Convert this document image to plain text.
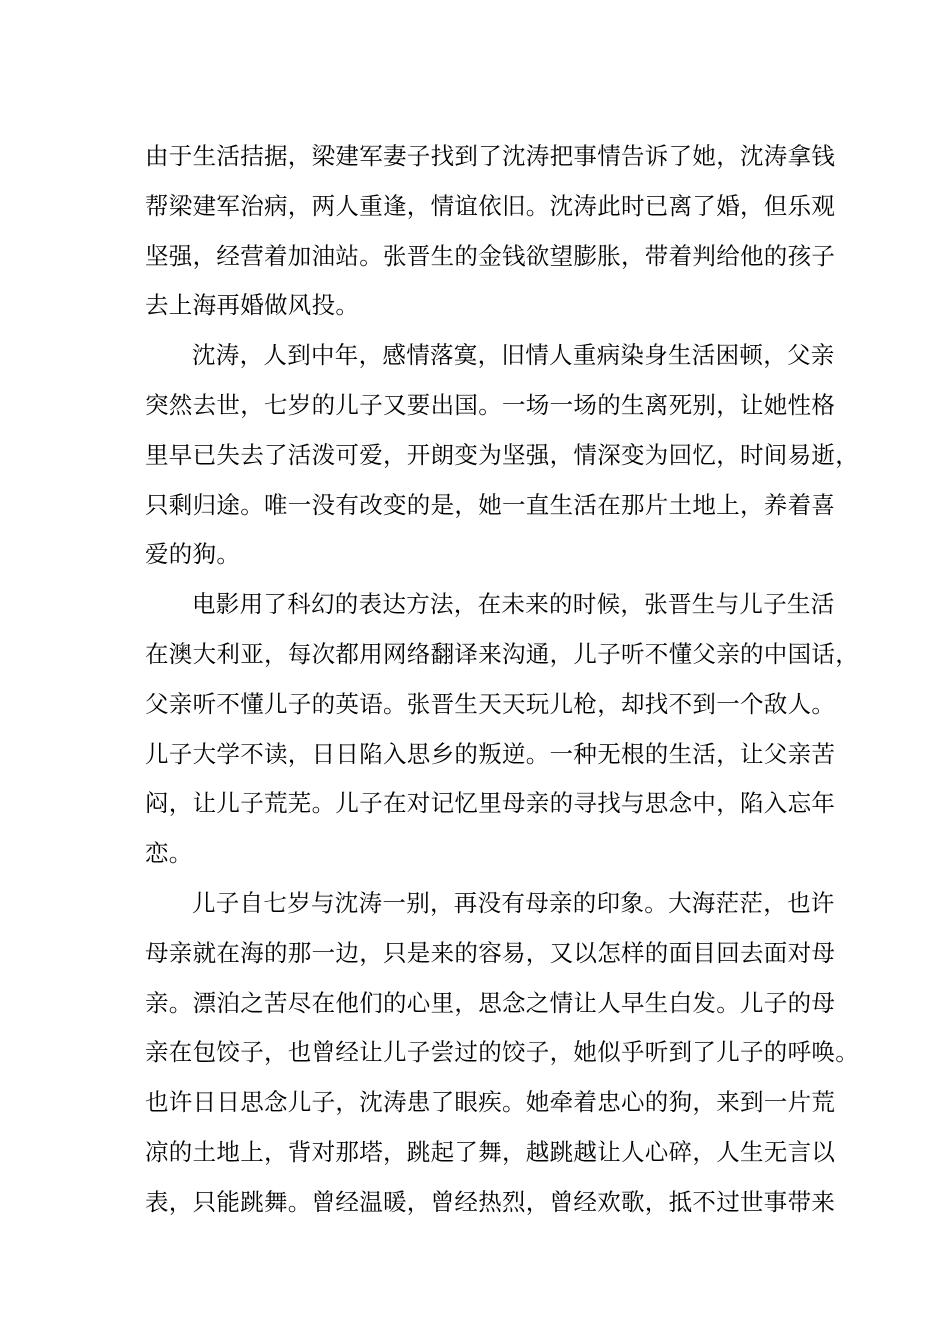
由于生活拮据，梁建军妻子找到了沈涛把事情告诉了她，沈涛拿钱
帮梁建军治病，两人重逢，情谊依旧。沈涛此时已离了婚，但乐观
坚强，经营着加油站。张晋生的金钱欲望膨胀，带着判给他的孩子
去上海再婚做风投。
沈涛，人到中年，感情落寞，旧情人重病染身生活困顿，父亲
突然去世，七岁的儿子又要出国。一场一场的生离死别，让她性格
里早已失去了活泼可爱，开朗变为坚强，情深变为回忆，时间易逝，
只剩归途。唯一没有改变的是，她一直生活在那片土地上，养着喜
爱的狗。
电影用了科幻的表达方法，在未来的时候，张晋生与儿子生活
在澳大利亚，每次都用网络翻译来沟通，儿子听不懂父亲的中国话，
父亲听不懂儿子的英语。张晋生天天玩儿枪，却找不到一个敌人。
儿子大学不读，日日陷入思乡的叛逆。一种无根的生活，让父亲苦
闷，让儿子荒芜。儿子在对记忆里母亲的寻找与思念中，陷入忘年
恋。
儿子自七岁与沈涛一别，再没有母亲的印象。大海茫茫，也许
母亲就在海的那一边，只是来的容易，又以怎样的面目回去面对母
亲。漂泊之苦尽在他们的心里，思念之情让人早生白发。儿子的母
亲在包饺子，也曾经让儿子尝过的饺子，她似乎听到了儿子的呼唤。
也许日日思念儿子，沈涛患了眼疾。她牵着忠心的狗，来到一片荒
凉的土地上，背对那塔，跳起了舞，越跳越让人心碎，人生无言以
表，只能跳舞。曾经温暖，曾经热烈，曾经欢歌，抵不过世事带来
